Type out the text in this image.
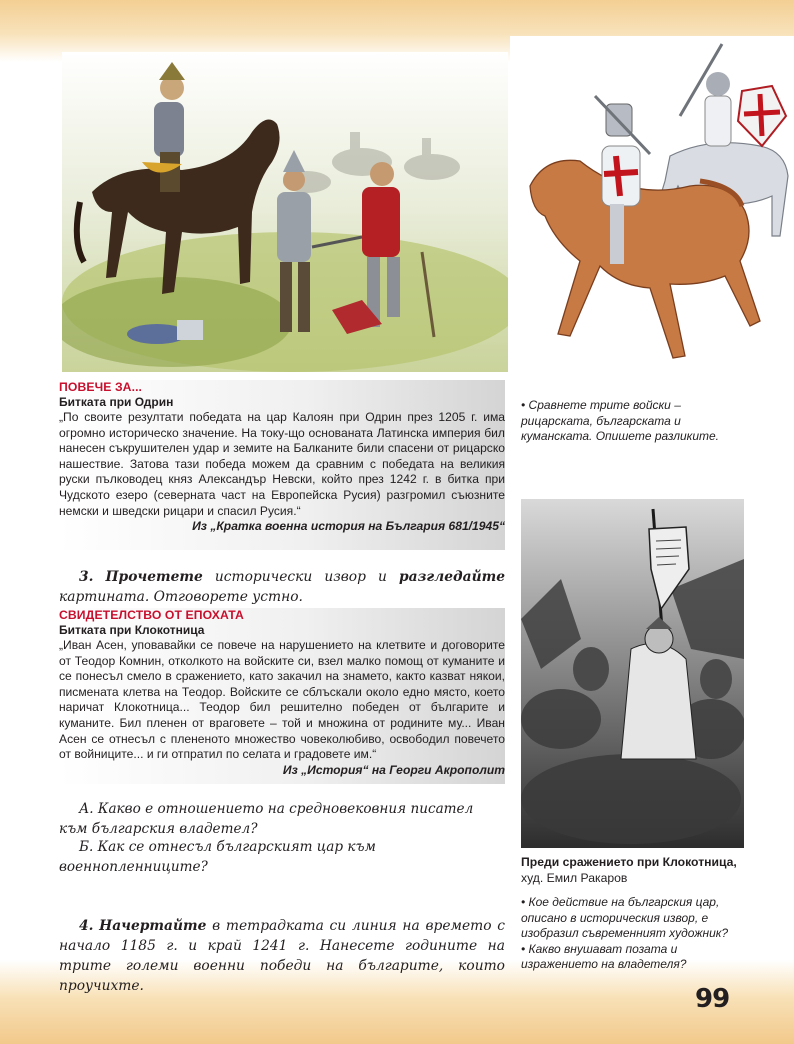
ПОВЕЧЕ ЗА...
Битката при Одрин
„По своите резултати победата на цар Калоян при Одрин през 1205 г. има огромно историческо значение. На току-що основаната Латинска империя бил нанесен съкрушителен удар и земите на Балканите били спасени от рицарско нашествие. Затова тази победа можем да сравним с победата на великия руски пълководец княз Александър Невски, който през 1242 г. в битка при Чудското езеро (северната част на Европейска Русия) разгромил съюзните немски и шведски рицари и спасил Русия.“
Из „Кратка военна история на България 681/1945“
• Сравнете трите войски – рицарската, българската и куманската. Опишете разликите.
3. Прочетете исторически извор и разгледайте картината. Отговорете устно.
СВИДЕТЕЛСТВО ОТ ЕПОХАТА
Битката при Клокотница
„Иван Асен, уповавайки се повече на нарушението на клетвите и договорите от Теодор Комнин, отколкото на войските си, взел малко помощ от куманите и се понесъл смело в сражението, като закачил на знамето, както казват някои, писмената клетва на Теодор. Войските се сблъскали около едно място, което наричат Клокотница... Теодор бил решително победен от българите и куманите. Бил пленен от враговете – той и множина от родините му... Иван Асен се отнесъл с плененото множество човеколюбиво, освободил повечето от войниците... и ги отпратил по селата и градовете им.“
Из „История“ на Георги Акрополит
А. Какво е отношението на средновековния писател към българския владетел?
Б. Как се отнесъл българският цар към военнопленниците?	Преди сражението при Клокотница,
худ. Емил Ракаров
• Кое действие на българския цар, описано в историческия извор, е изобразил съвременният художник?
• Какво внушават позата и изражението на владетеля?
4. Начертайте в тетрадката си линия на времето с начало 1185 г. и край 1241 г. Нанесете годините на трите големи военни победи на българите, които проучихте.	99
